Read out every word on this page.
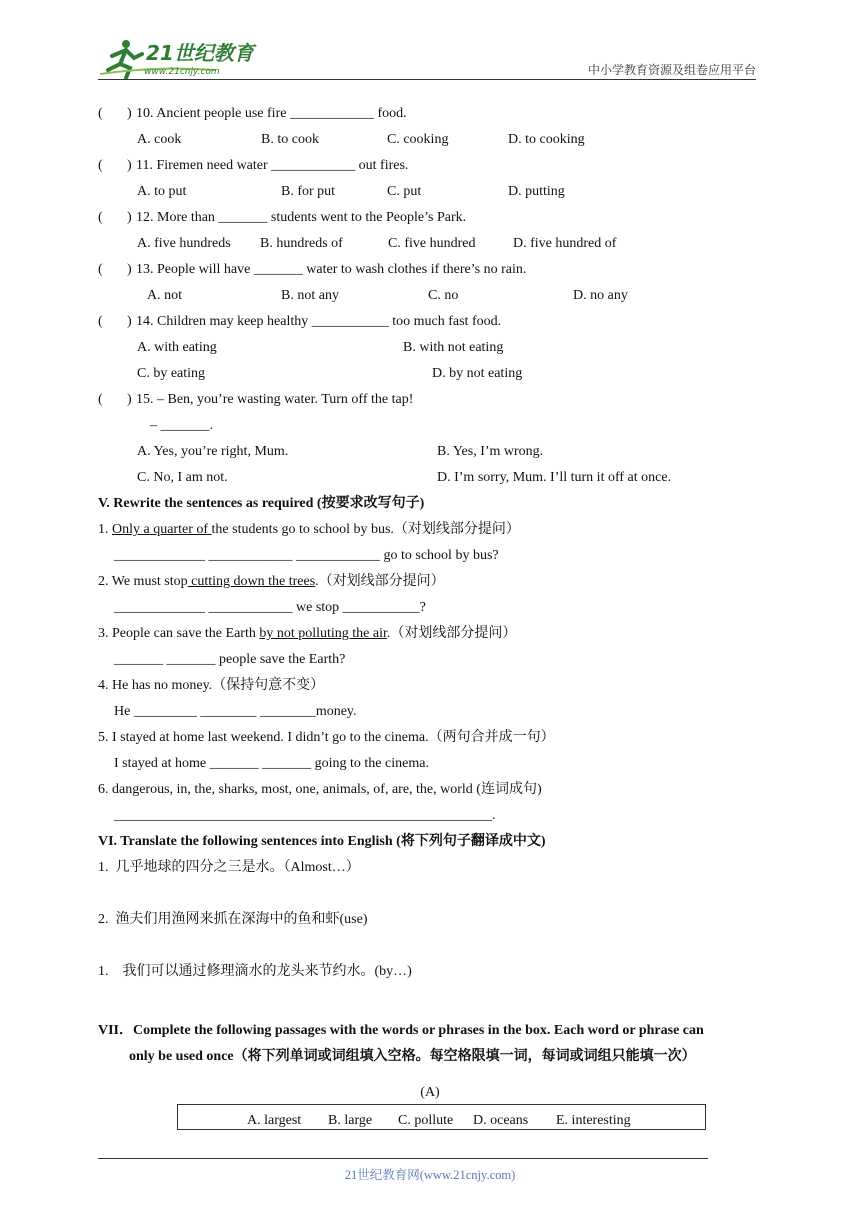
21世纪教育
www.21cnjy.com	中小学教育资源及组卷应用平台
( ) 10. Ancient people use fire ____________ food.
A. cook	B. to cook	C. cooking	D. to cooking
( ) 11. Firemen need water ____________ out fires.
A. to put	B. for put	C. put	D. putting
( ) 12. More than _______ students went to the People’s Park.
A. five hundreds B. hundreds of	C. five hundred	D. five hundred of
( ) 13. People will have _______ water to wash clothes if there’s no rain.
A. not	B. not any	C. no	D. no any
( ) 14. Children may keep healthy ___________ too much fast food.
A. with eating	B. with not eating
C. by eating	D. by not eating
( ) 15. – Ben, you’re wasting water. Turn off the tap!
– _______.
A. Yes, you’re right, Mum.	B. Yes, I’m wrong.
C. No, I am not.	D. I’m sorry, Mum. I’ll turn it off at once.
V. Rewrite the sentences as required (按要求改写句子)
1. Only a quarter of the students go to school by bus.（对划线部分提问）
_____________ ____________ ____________ go to school by bus?
2. We must stop cutting down the trees.（对划线部分提问）
_____________ ____________ we stop ___________?
3. People can save the Earth by not polluting the air.（对划线部分提问）
_______ _______ people save the Earth?
4. He has no money.（保持句意不变）
He _________ ________ ________money.
5. I stayed at home last weekend. I didn’t go to the cinema.（两句合并成一句）
I stayed at home _______ _______ going to the cinema.
6. dangerous, in, the, sharks, most, one, animals, of, are, the, world (连词成句)
______________________________________________________.
VI. Translate the following sentences into English (将下列句子翻译成中文)
1.  几乎地球的四分之三是水。（Almost…）
2.  渔夫们用渔网来抓在深海中的鱼和虾(use)
1.    我们可以通过修理滴水的龙头来节约水。(by…)
VII．Complete the following passages with the words or phrases in the box. Each word or phrase can
only be used once（将下列单词或词组填入空格。每空格限填一词，每词或词组只能填一次）
(A)
A. largest B. large C. pollute D. oceans E. interesting
21世纪教育网(www.21cnjy.com)
